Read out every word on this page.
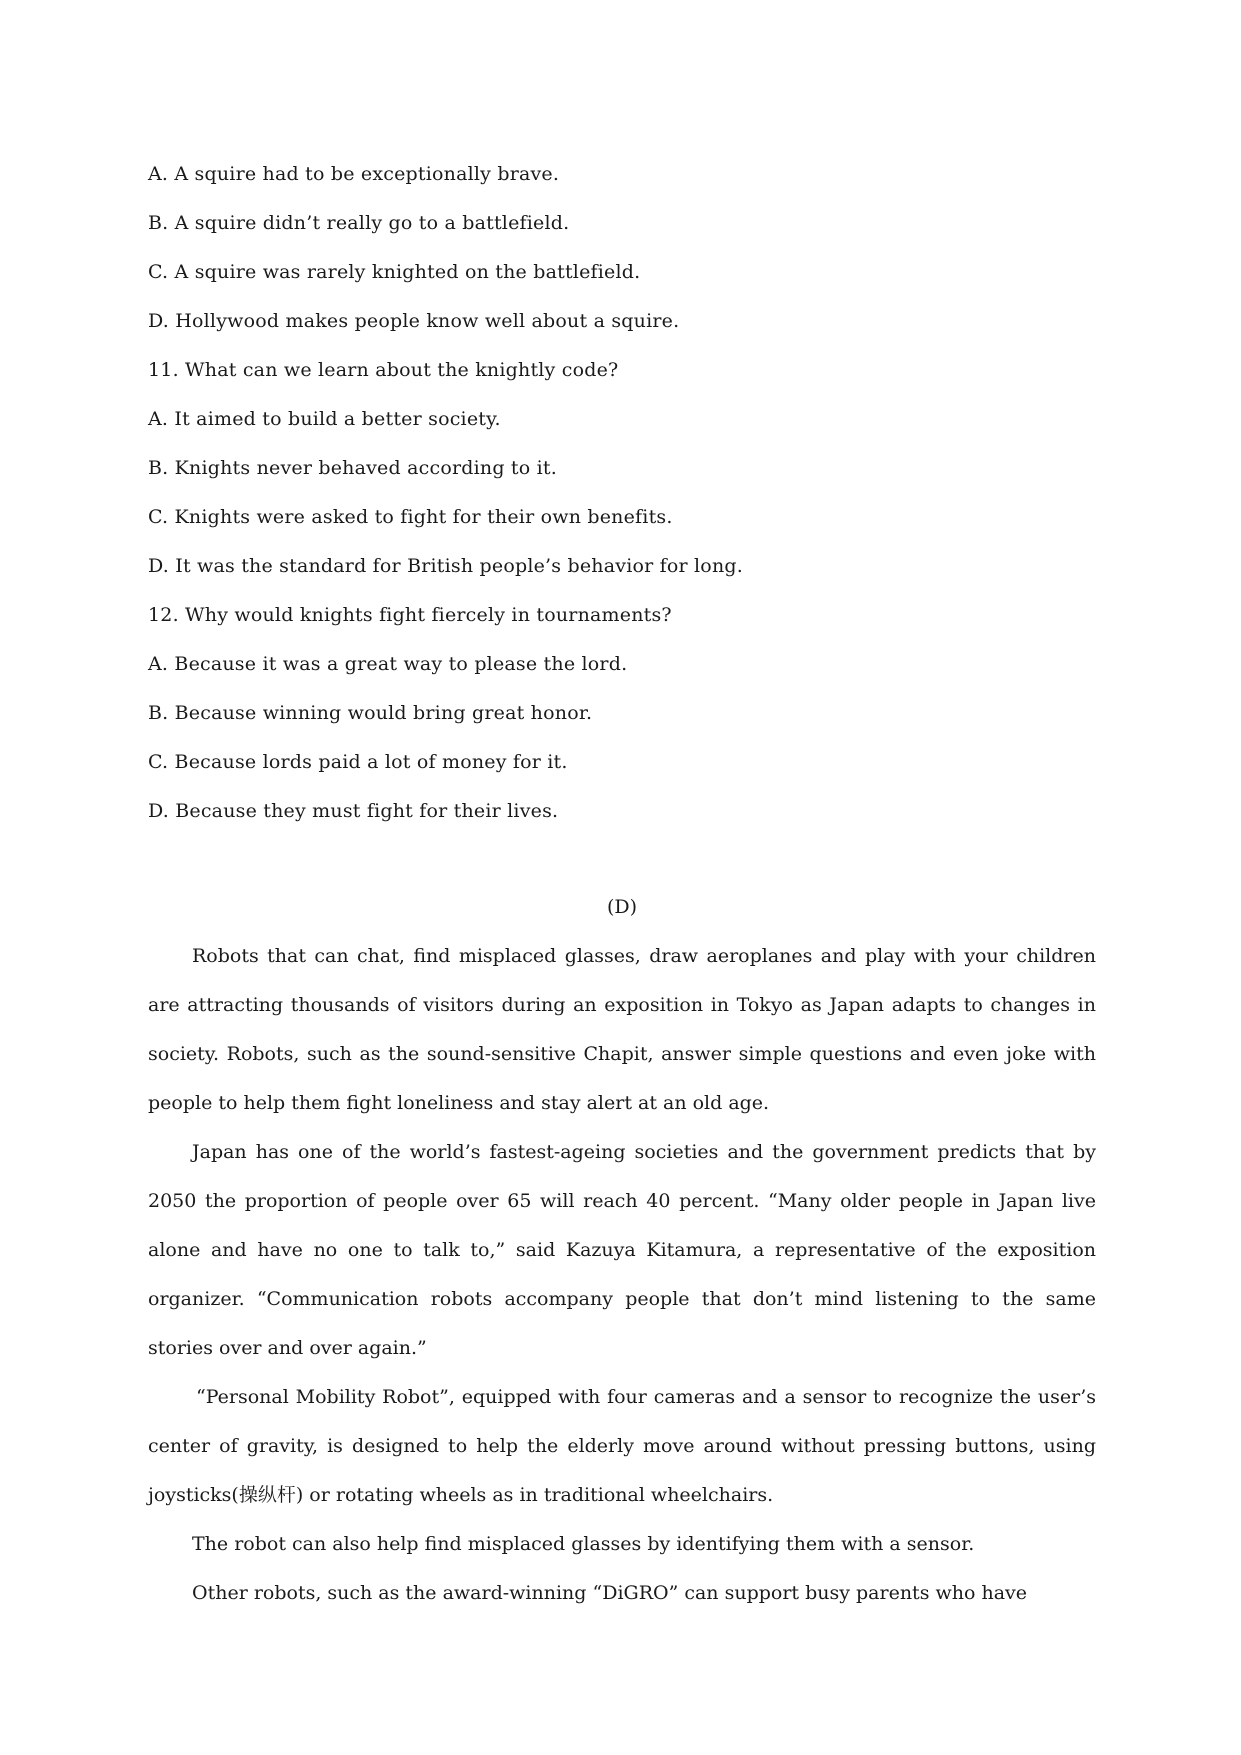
A. A squire had to be exceptionally brave.
B. A squire didn’t really go to a battlefield.
C. A squire was rarely knighted on the battlefield.
D. Hollywood makes people know well about a squire.
11. What can we learn about the knightly code?
A. It aimed to build a better society.
B. Knights never behaved according to it.
C. Knights were asked to fight for their own benefits.
D. It was the standard for British people’s behavior for long.
12. Why would knights fight fiercely in tournaments?
A. Because it was a great way to please the lord.
B. Because winning would bring great honor.
C. Because lords paid a lot of money for it.
D. Because they must fight for their lives.
(D)

Robots that can chat, find misplaced glasses, draw aeroplanes and play with your children are attracting thousands of visitors during an exposition in Tokyo as Japan adapts to changes in society. Robots, such as the sound-sensitive Chapit, answer simple questions and even joke with people to help them fight loneliness and stay alert at an old age.

Japan has one of the world’s fastest-ageing societies and the government predicts that by 2050 the proportion of people over 65 will reach 40 percent. “Many older people in Japan live alone and have no one to talk to,” said Kazuya Kitamura, a representative of the exposition organizer. “Communication robots accompany people that don’t mind listening to the same stories over and over again.”

“Personal Mobility Robot”, equipped with four cameras and a sensor to recognize the user’s center of gravity, is designed to help the elderly move around without pressing buttons, using joysticks(操纵杆) or rotating wheels as in traditional wheelchairs.

The robot can also help find misplaced glasses by identifying them with a sensor.

Other robots, such as the award-winning “DiGRO” can support busy parents who have
